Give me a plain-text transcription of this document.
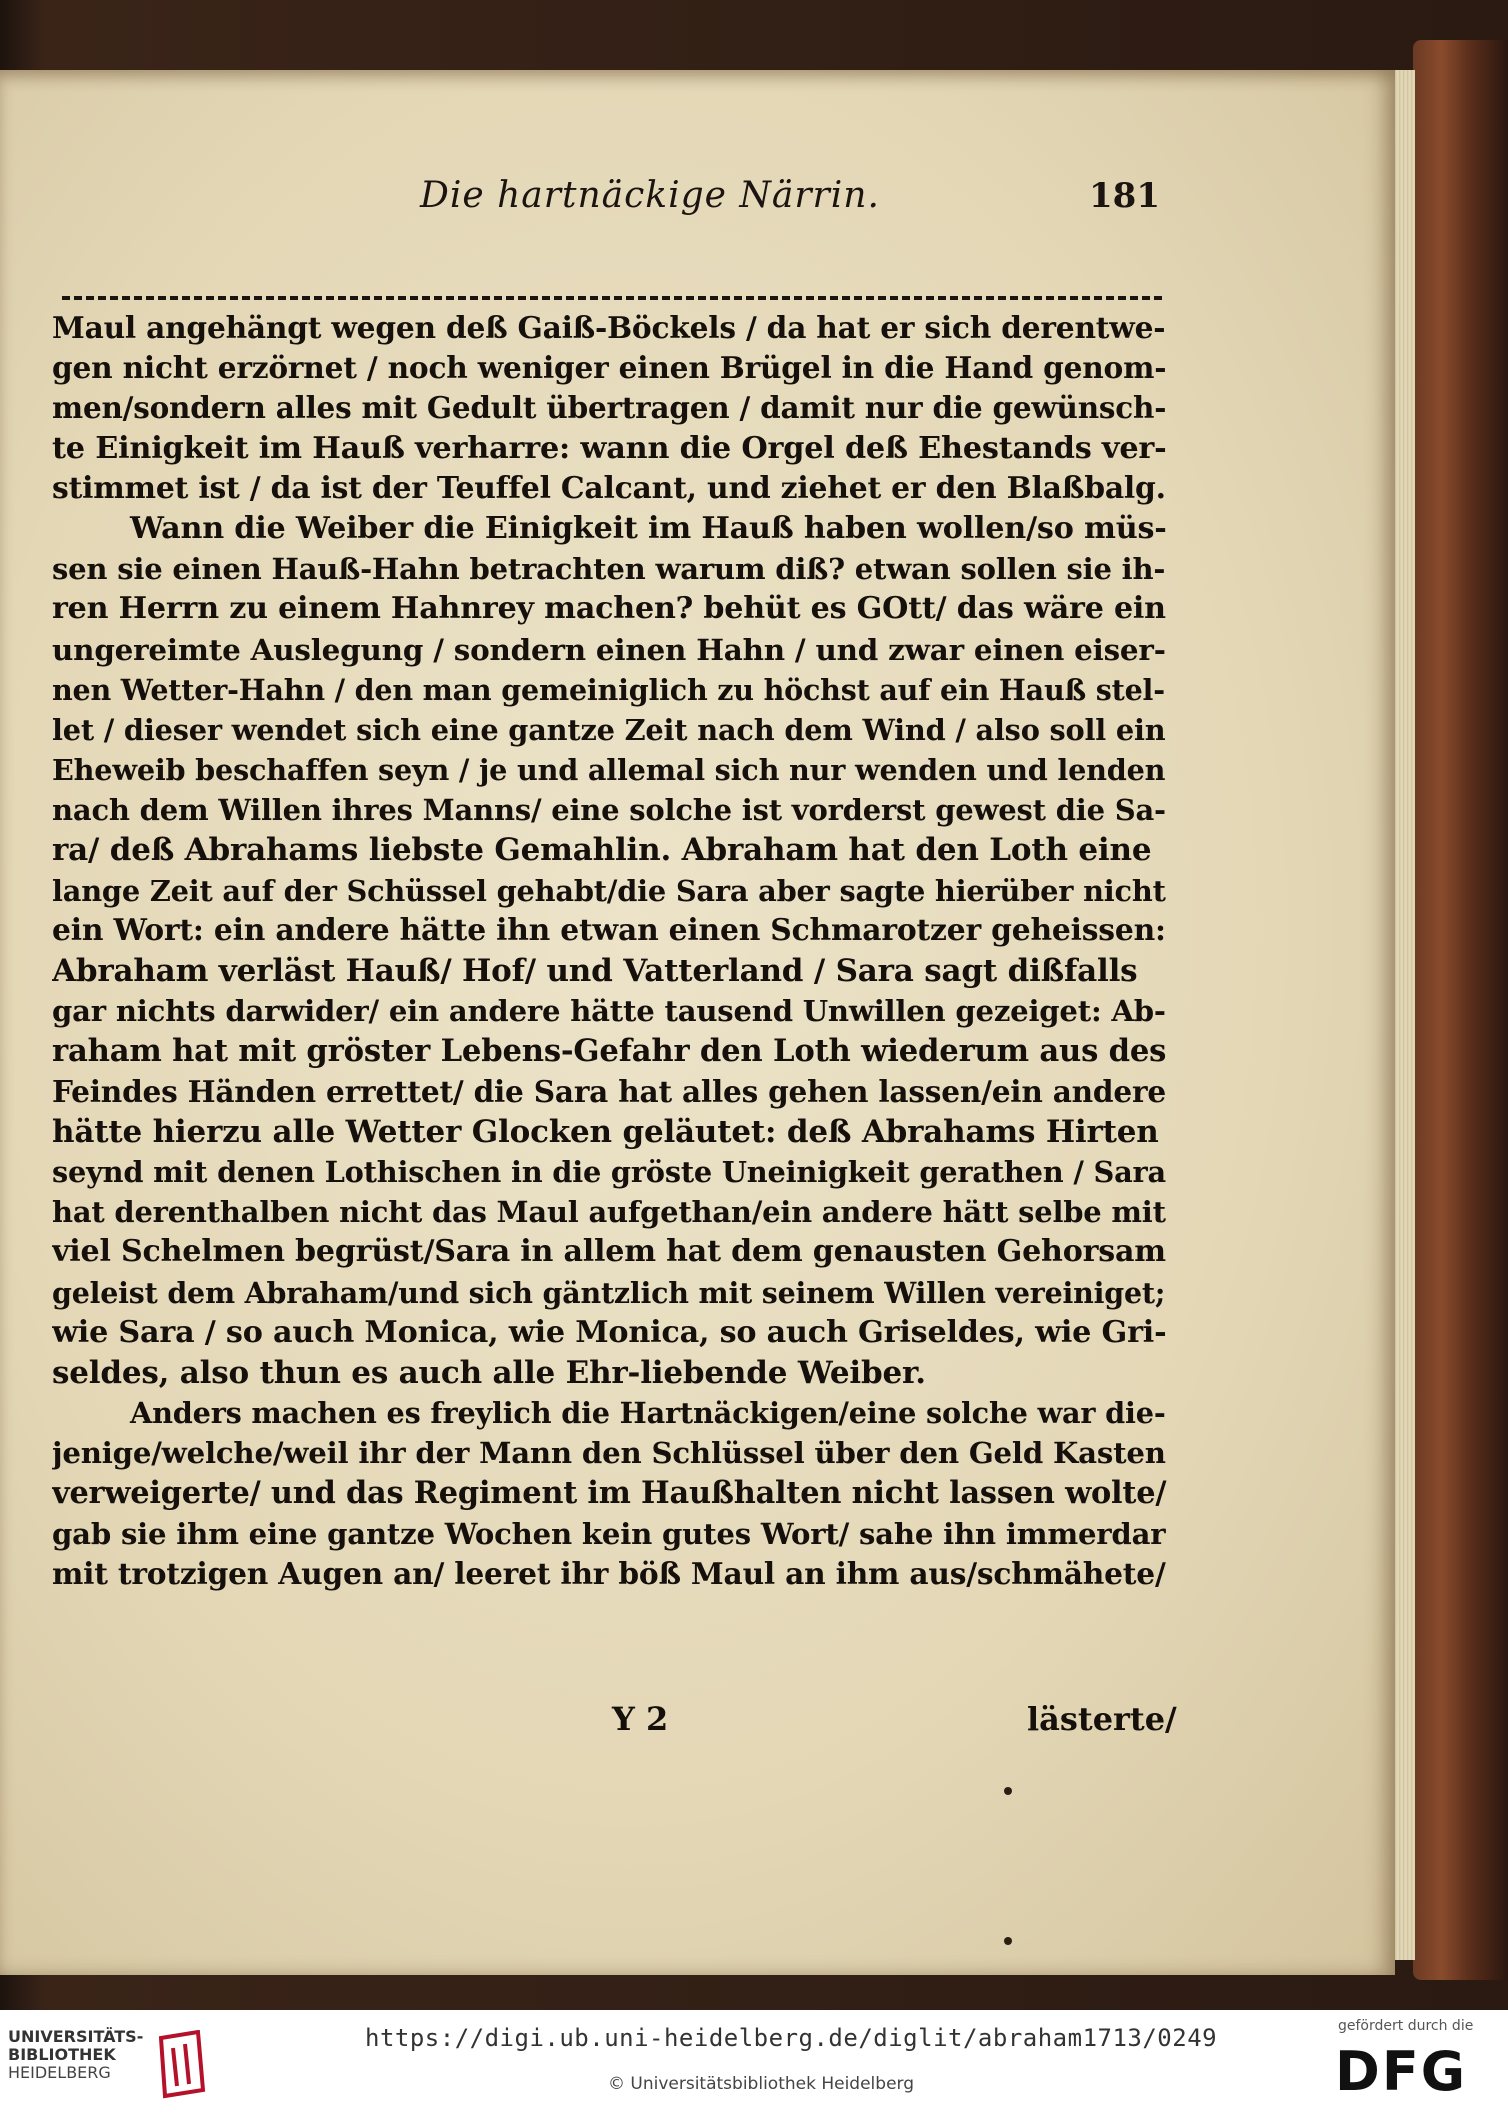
Die hartnäckige Närrin.	181
Maul angehängt wegen deß Gaiß-Böckels / da hat er sich derentwe-
gen nicht erzörnet / noch weniger einen Brügel in die Hand genom-
men/sondern alles mit Gedult übertragen / damit nur die gewünsch-
te Einigkeit im Hauß verharre: wann die Orgel deß Ehestands ver-
stimmet ist / da ist der Teuffel Calcant, und ziehet er den Blaßbalg.
Wann die Weiber die Einigkeit im Hauß haben wollen/so müs-
sen sie einen Hauß-Hahn betrachten warum diß? etwan sollen sie ih-
ren Herrn zu einem Hahnrey machen? behüt es GOtt/ das wäre ein
ungereimte Auslegung / sondern einen Hahn / und zwar einen eiser-
nen Wetter-Hahn / den man gemeiniglich zu höchst auf ein Hauß stel-
let / dieser wendet sich eine gantze Zeit nach dem Wind / also soll ein
Eheweib beschaffen seyn / je und allemal sich nur wenden und lenden
nach dem Willen ihres Manns/ eine solche ist vorderst gewest die Sa-
ra/ deß Abrahams liebste Gemahlin. Abraham hat den Loth eine
lange Zeit auf der Schüssel gehabt/die Sara aber sagte hierüber nicht
ein Wort: ein andere hätte ihn etwan einen Schmarotzer geheissen:
Abraham verläst Hauß/ Hof/ und Vatterland / Sara sagt dißfalls
gar nichts darwider/ ein andere hätte tausend Unwillen gezeiget: Ab-
raham hat mit gröster Lebens-Gefahr den Loth wiederum aus des
Feindes Händen errettet/ die Sara hat alles gehen lassen/ein andere
hätte hierzu alle Wetter Glocken geläutet: deß Abrahams Hirten
seynd mit denen Lothischen in die gröste Uneinigkeit gerathen / Sara
hat derenthalben nicht das Maul aufgethan/ein andere hätt selbe mit
viel Schelmen begrüst/Sara in allem hat dem genausten Gehorsam
geleist dem Abraham/und sich gäntzlich mit seinem Willen vereiniget;
wie Sara / so auch Monica, wie Monica, so auch Griseldes, wie Gri-
seldes, also thun es auch alle Ehr-liebende Weiber.
Anders machen es freylich die Hartnäckigen/eine solche war die-
jenige/welche/weil ihr der Mann den Schlüssel über den Geld Kasten
verweigerte/ und das Regiment im Haußhalten nicht lassen wolte/
gab sie ihm eine gantze Wochen kein gutes Wort/ sahe ihn immerdar
mit trotzigen Augen an/ leeret ihr böß Maul an ihm aus/schmähete/
Y 2	lästerte/
UNIVERSITÄTS-
BIBLIOTHEK
HEIDELBERG
https://digi.ub.uni-heidelberg.de/diglit/abraham1713/0249
© Universitätsbibliothek Heidelberg
gefördert durch die
DFG
